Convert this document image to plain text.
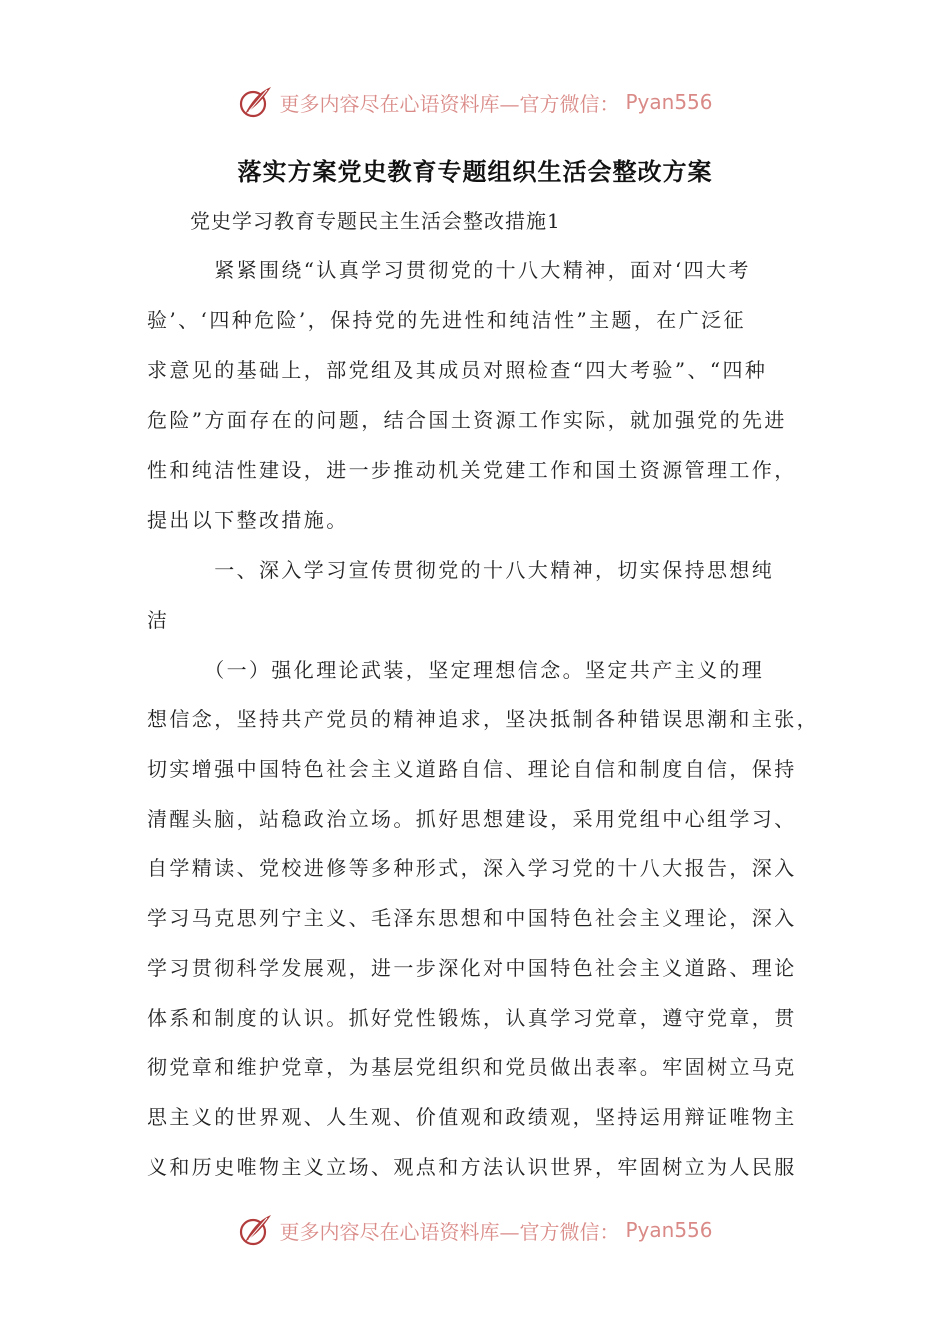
更多内容尽在心语资料库—官方微信： Pyan556
落实方案党史教育专题组织生活会整改方案
党史学习教育专题民主生活会整改措施1
　　　紧紧围绕“认真学习贯彻党的十八大精神，面对‘四大考
验’、‘四种危险’，保持党的先进性和纯洁性”主题，在广泛征
求意见的基础上，部党组及其成员对照检查“四大考验”、“四种
危险”方面存在的问题，结合国土资源工作实际，就加强党的先进
性和纯洁性建设，进一步推动机关党建工作和国土资源管理工作，
提出以下整改措施。
　　　一、深入学习宣传贯彻党的十八大精神，切实保持思想纯
洁
　　　（一）强化理论武装，坚定理想信念。坚定共产主义的理
想信念，坚持共产党员的精神追求，坚决抵制各种错误思潮和主张，
切实增强中国特色社会主义道路自信、理论自信和制度自信，保持
清醒头脑，站稳政治立场。抓好思想建设，采用党组中心组学习、
自学精读、党校进修等多种形式，深入学习党的十八大报告，深入
学习马克思列宁主义、毛泽东思想和中国特色社会主义理论，深入
学习贯彻科学发展观，进一步深化对中国特色社会主义道路、理论
体系和制度的认识。抓好党性锻炼，认真学习党章，遵守党章，贯
彻党章和维护党章，为基层党组织和党员做出表率。牢固树立马克
思主义的世界观、人生观、价值观和政绩观，坚持运用辩证唯物主
义和历史唯物主义立场、观点和方法认识世界，牢固树立为人民服
更多内容尽在心语资料库—官方微信： Pyan556
